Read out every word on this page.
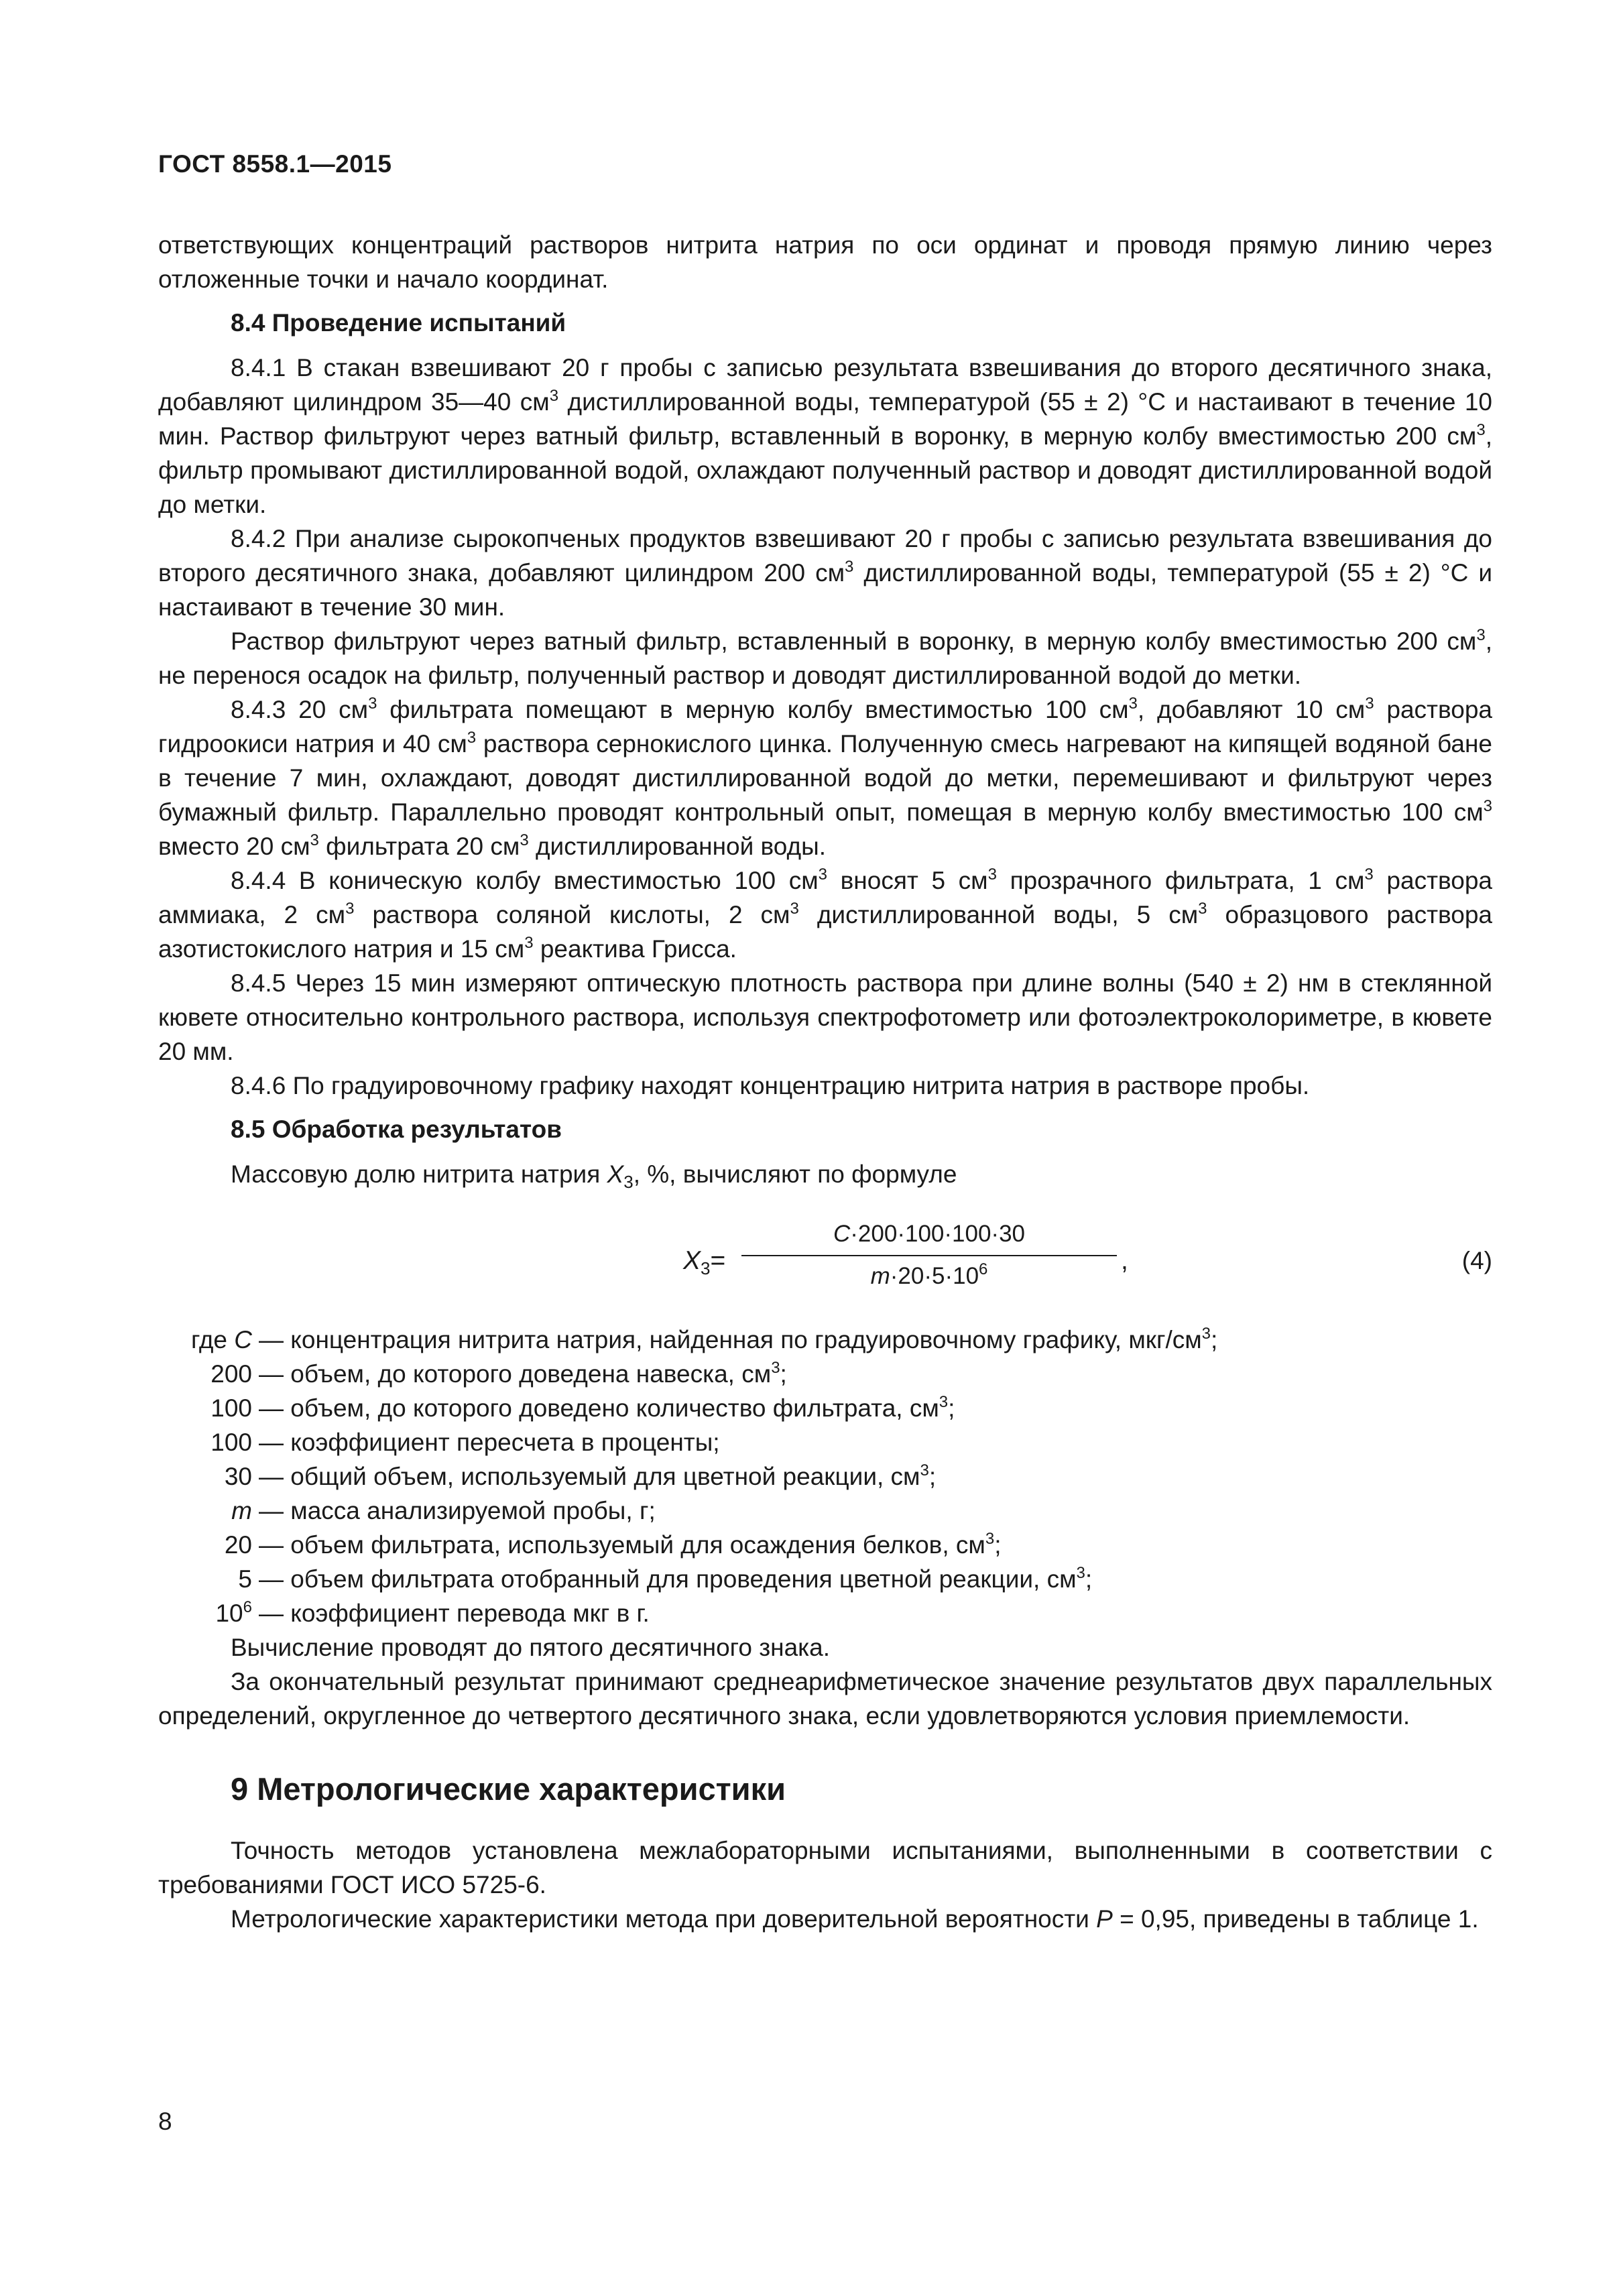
ГОСТ 8558.1—2015

ответствующих концентраций растворов нитрита натрия по оси ординат и проводя прямую линию через отложенные точки и начало координат.

8.4 Проведение испытаний

8.4.1 В стакан взвешивают 20 г пробы с записью результата взвешивания до второго десятичного знака, добавляют цилиндром 35—40 $см^3$ дистиллированной воды, температурой (55 ± 2) °С и настаивают в течение 10 мин. Раствор фильтруют через ватный фильтр, вставленный в воронку, в мерную колбу вместимостью 200 $см^3$, фильтр промывают дистиллированной водой, охлаждают полученный раствор и доводят дистиллированной водой до метки.

8.4.2 При анализе сырокопченых продуктов взвешивают 20 г пробы с записью результата взвешивания до второго десятичного знака, добавляют цилиндром 200 $см^3$ дистиллированной воды, температурой (55 ± 2) °С и настаивают в течение 30 мин.

Раствор фильтруют через ватный фильтр, вставленный в воронку, в мерную колбу вместимостью 200 $см^3$, не перенося осадок на фильтр, полученный раствор и доводят дистиллированной водой до метки.

8.4.3 20 $см^3$ фильтрата помещают в мерную колбу вместимостью 100 $см^3$, добавляют 10 $см^3$ раствора гидроокиси натрия и 40 $см^3$ раствора сернокислого цинка. Полученную смесь нагревают на кипящей водяной бане в течение 7 мин, охлаждают, доводят дистиллированной водой до метки, перемешивают и фильтруют через бумажный фильтр. Параллельно проводят контрольный опыт, помещая в мерную колбу вместимостью 100 $см^3$ вместо 20 $см^3$ фильтрата 20 $см^3$ дистиллированной воды.

8.4.4 В коническую колбу вместимостью 100 $см^3$ вносят 5 $см^3$ прозрачного фильтрата, 1 $см^3$ раствора аммиака, 2 $см^3$ раствора соляной кислоты, 2 $см^3$ дистиллированной воды, 5 $см^3$ образцового раствора азотистокислого натрия и 15 $см^3$ реактива Грисса.

8.4.5 Через 15 мин измеряют оптическую плотность раствора при длине волны (540 ± 2) нм в стеклянной кювете относительно контрольного раствора, используя спектрофотометр или фотоэлектроколориметре, в кювете 20 мм.

8.4.6 По градуировочному графику находят концентрацию нитрита натрия в растворе пробы.

8.5 Обработка результатов

Массовую долю нитрита натрия $X_3$, %, вычисляют по формуле

$X_3= \frac{C\cdot 200\cdot 100\cdot 100\cdot 30}{m\cdot 20\cdot 5\cdot 10^6}$ ,	(4)
где C — концентрация нитрита натрия, найденная по градуировочному графику, мкг/$см^3$;
200 — объем, до которого доведена навеска, $см^3$;
100 — объем, до которого доведено количество фильтрата, $см^3$;
100 — коэффициент пересчета в проценты;
30 — общий объем, используемый для цветной реакции, $см^3$;
m — масса анализируемой пробы, г;
20 — объем фильтрата, используемый для осаждения белков, $см^3$;
5 — объем фильтрата отобранный для проведения цветной реакции, $см^3$;
$10^6$ — коэффициент перевода мкг в г.

Вычисление проводят до пятого десятичного знака.

За окончательный результат принимают среднеарифметическое значение результатов двух параллельных определений, округленное до четвертого десятичного знака, если удовлетворяются условия приемлемости.

9 Метрологические характеристики

Точность методов установлена межлабораторными испытаниями, выполненными в соответствии с требованиями ГОСТ ИСО 5725-6.

Метрологические характеристики метода при доверительной вероятности P = 0,95, приведены в таблице 1.

8
